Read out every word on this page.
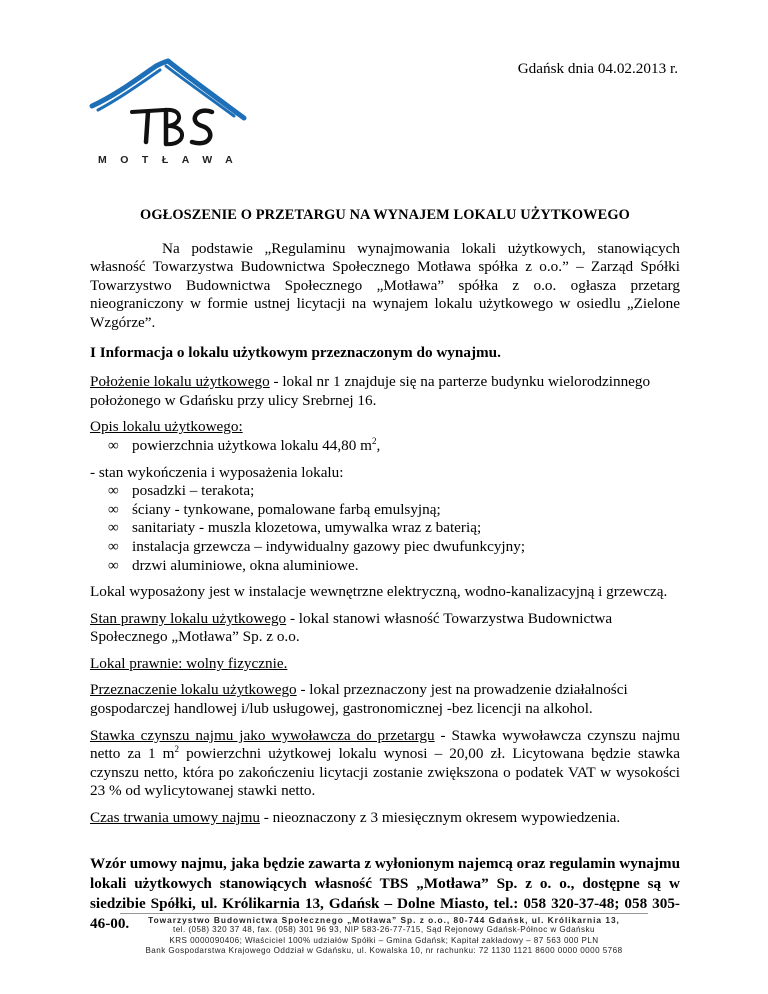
Gdańsk dnia 04.02.2013 r.
MOTŁAWA
OGŁOSZENIE O PRZETARGU NA WYNAJEM LOKALU UŻYTKOWEGO

Na podstawie „Regulaminu wynajmowania lokali użytkowych, stanowiących własność Towarzystwa Budownictwa Społecznego Motława spółka z o.o.” – Zarząd Spółki Towarzystwo Budownictwa Społecznego „Motława” spółka z o.o. ogłasza przetarg nieograniczony w formie ustnej licytacji na wynajem lokalu użytkowego w osiedlu „Zielone Wzgórze”.

I Informacja o lokalu użytkowym przeznaczonym do wynajmu.

Położenie lokalu użytkowego - lokal nr 1 znajduje się na parterze budynku wielorodzinnego położonego w Gdańsku przy ulicy Srebrnej 16.

Opis lokalu użytkowego:
∞ powierzchnia użytkowa lokalu 44,80 $m^2$,
- stan wykończenia i wyposażenia lokalu:
∞ posadzki – terakota;
∞ ściany - tynkowane, pomalowane farbą emulsyjną;
∞ sanitariaty - muszla klozetowa, umywalka wraz z baterią;
∞ instalacja grzewcza – indywidualny gazowy piec dwufunkcyjny;
∞ drzwi aluminiowe, okna aluminiowe.

Lokal wyposażony jest w instalacje wewnętrzne elektryczną, wodno-kanalizacyjną i grzewczą.

Stan prawny lokalu użytkowego - lokal stanowi własność Towarzystwa Budownictwa Społecznego „Motława” Sp. z o.o.

Lokal prawnie: wolny fizycznie.

Przeznaczenie lokalu użytkowego - lokal przeznaczony jest na prowadzenie działalności gospodarczej handlowej i/lub usługowej, gastronomicznej -bez licencji na alkohol.

Stawka czynszu najmu jako wywoławcza do przetargu - Stawka wywoławcza czynszu najmu netto za 1 $m^2$ powierzchni użytkowej lokalu wynosi – 20,00 zł. Licytowana będzie stawka czynszu netto, która po zakończeniu licytacji zostanie zwiększona o podatek VAT w wysokości 23 % od wylicytowanej stawki netto.

Czas trwania umowy najmu - nieoznaczony z 3 miesięcznym okresem wypowiedzenia.

Wzór umowy najmu, jaka będzie zawarta z wyłonionym najemcą oraz regulamin wynajmu lokali użytkowych stanowiących własność TBS „Motława” Sp. z o. o., dostępne są w siedzibie Spółki, ul. Królikarnia 13, Gdańsk – Dolne Miasto, tel.: 058 320-37-48; 058 305-46-00.	Towarzystwo Budownictwa Społecznego „Motława” Sp. z o.o., 80-744 Gdańsk, ul. Królikarnia 13,
tel. (058) 320 37 48, fax. (058) 301 96 93, NIP 583-26-77-715, Sąd Rejonowy Gdańsk-Północ w Gdańsku
KRS 0000090406; Właściciel 100% udziałów Spółki – Gmina Gdańsk; Kapitał zakładowy – 87 563 000 PLN
Bank Gospodarstwa Krajowego Oddział w Gdańsku, ul. Kowalska 10, nr rachunku: 72 1130 1121 8600 0000 0000 5768
